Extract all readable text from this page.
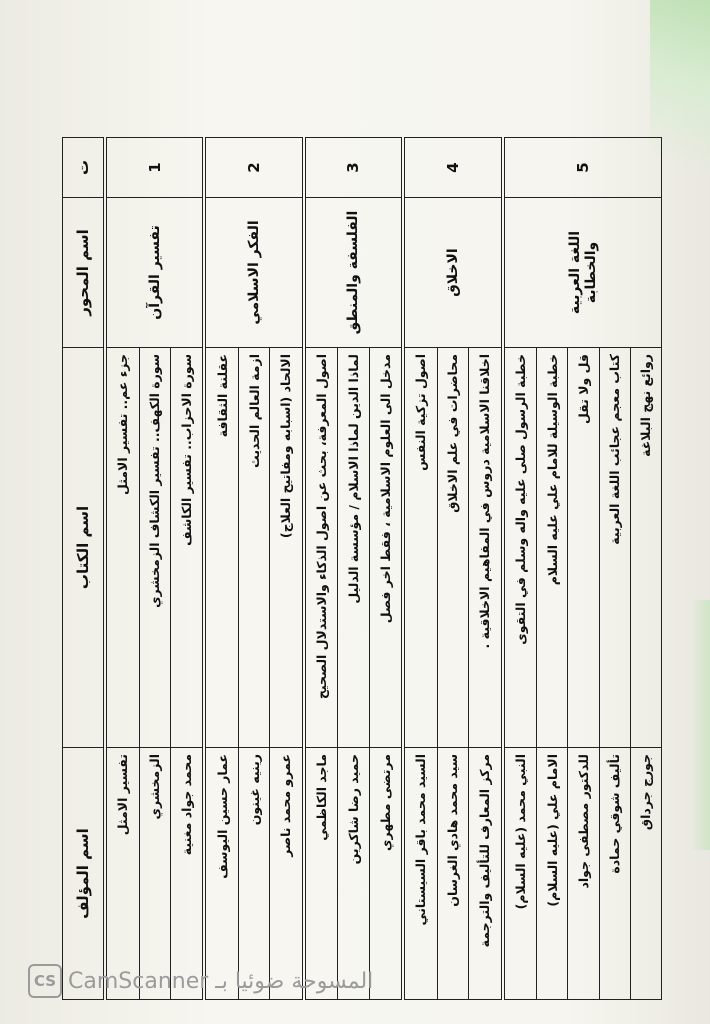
ت	اسم المحور	اسم الكتاب	اسم المؤلف
1	تفسير القرآن	جزء عم.. تفسير الامثل	تفسير الامثل
		سورة الكهف.. تفسير الكشاف الزمخشري	الزمخشري
		سورة الاحزاب.. تفسير الكاشف	محمد جواد مغنية
2	الفكر الاسلامي	عقلنة الثقافة	عمار حسين اليوسف
		ازمة العالم الحديث	رينيه غينون
		الالحاد (اسبابه ومفاتيح العلاج)	عمرو محمد ناصر
3	الفلسفة والمنطق	اصول المعرفة، بحث عن اصول الذكاء والاستدلال الصحيح	ماجد الكاظمي
		لماذا الدين لماذا الاسلام / مؤسسة الدليل	حميد رضا شاكرين
		مدخل الى العلوم الاسلامية ، فقط اخر فصل	مرتضى مطهري
4	الاخلاق	اصول تزكية النفس	السيد محمد باقر السيستاني
		محاضرات في علم الاخلاق	سيد محمد هادي الغرسان
		اخلاقنا الاسلامية دروس في المفاهيم الاخلاقية .	مركز المعارف للتأليف والترجمة
5	اللغة العربية والخطابة	خطبة الرسول صلى عليه واله وسلم في التقوى	النبي محمد (عليه السلام)
		خطبة الوسيلة للامام علي عليه السلام	الامام علي (عليه السلام)
		قل ولا تقل	للدكتور مصطفى جواد
		كتاب معجم عجائب اللغة العربية	تأليف شوقي حمادة
		روائع نهج البلاغة	جورج جرداق
CS CamScanner المسوحة ضوئيا بـ
